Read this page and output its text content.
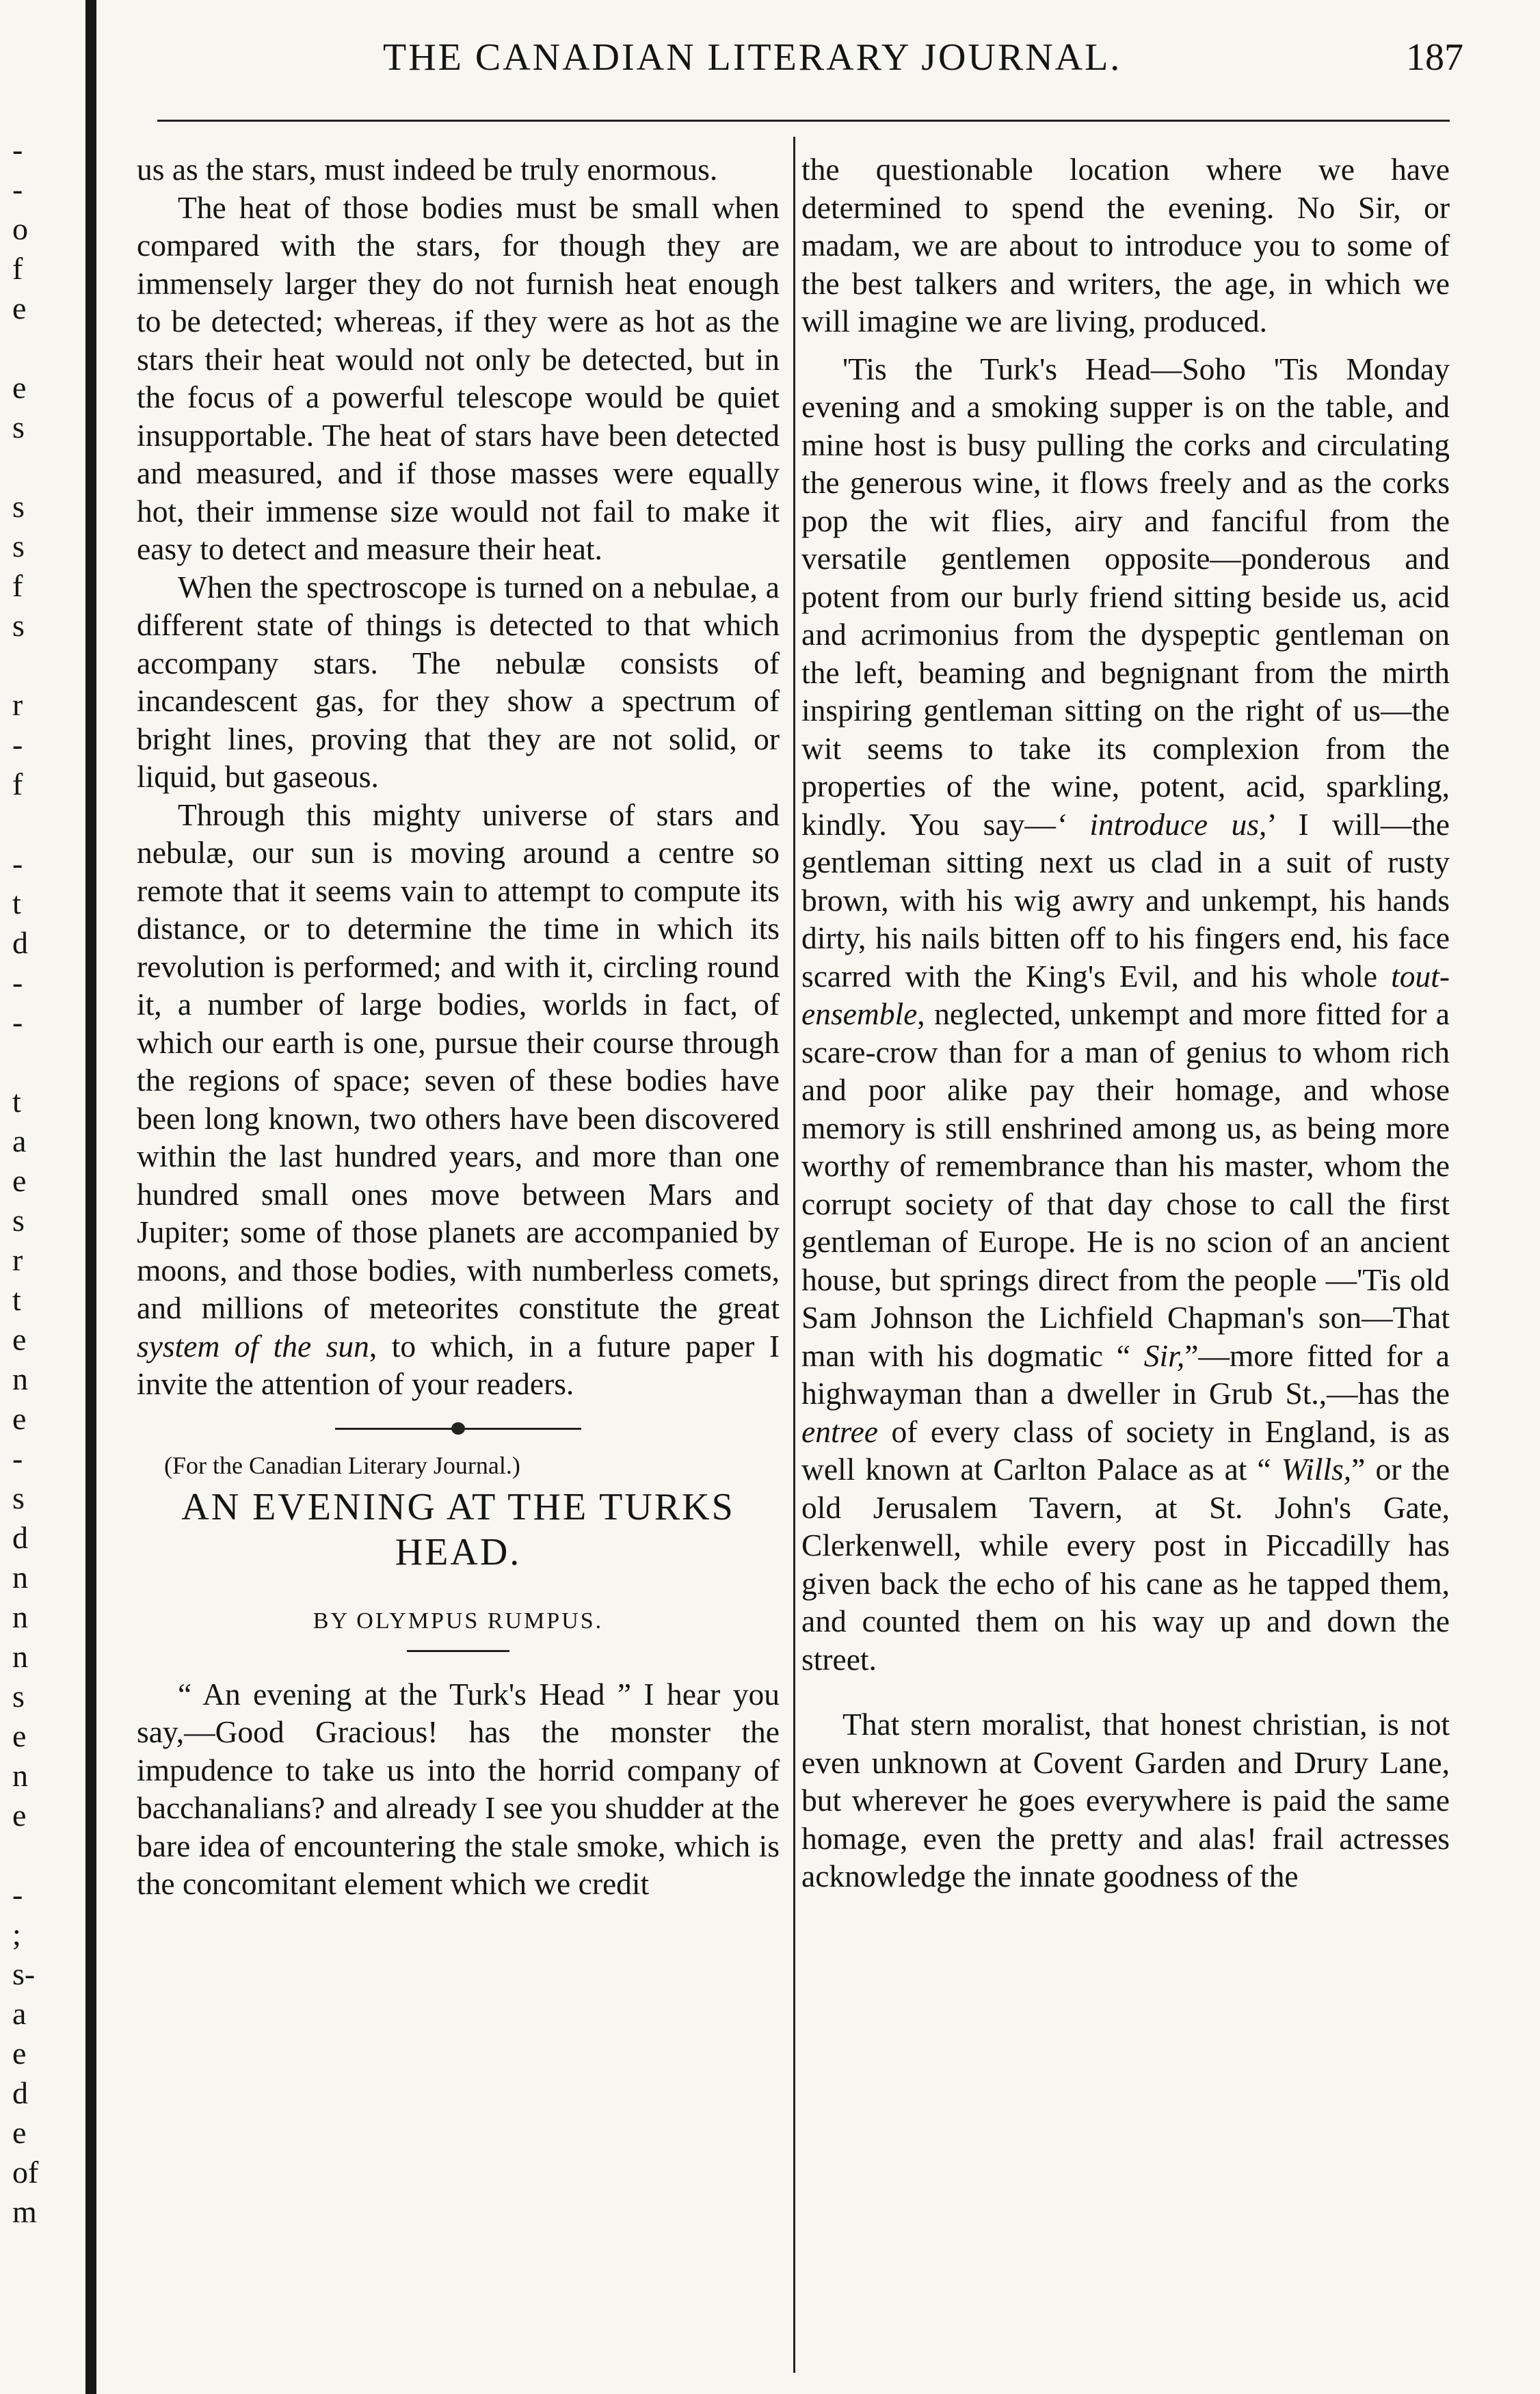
-
-
o
f
e
e
s
s
s
f
s
r
-
f
-
t
d
-
-
t
a
e
s
r
t
e
n
e
-
s
d
n
n
n
s
e
n
e
-
;
s-
a
e
d
e
of
m
THE CANADIAN LITERARY JOURNAL.	187

us as the stars, must indeed be truly enormous.

The heat of those bodies must be small when compared with the stars, for though they are immensely larger they do not furnish heat enough to be detected; whereas, if they were as hot as the stars their heat would not only be detected, but in the focus of a powerful telescope would be quiet insupportable. The heat of stars have been detected and measured, and if those masses were equally hot, their immense size would not fail to make it easy to detect and measure their heat.

When the spectroscope is turned on a nebulae, a different state of things is detected to that which accompany stars. The nebulæ consists of incandescent gas, for they show a spectrum of bright lines, proving that they are not solid, or liquid, but gaseous.

Through this mighty universe of stars and nebulæ, our sun is moving around a centre so remote that it seems vain to attempt to compute its distance, or to determine the time in which its revolution is performed; and with it, circling round it, a number of large bodies, worlds in fact, of which our earth is one, pursue their course through the regions of space; seven of these bodies have been long known, two others have been discovered within the last hundred years, and more than one hundred small ones move between Mars and Jupiter; some of those planets are accompanied by moons, and those bodies, with numberless comets, and millions of meteorites constitute the great system of the sun, to which, in a future paper I invite the attention of your readers.

(For the Canadian Literary Journal.)

AN EVENING AT THE TURKS
HEAD.

BY OLYMPUS RUMPUS.

“ An evening at the Turk's Head ” I hear you say,—Good Gracious! has the monster the impudence to take us into the horrid company of bacchanalians? and already I see you shudder at the bare idea of encountering the stale smoke, which is the concomitant element which we credit

the questionable location where we have determined to spend the evening. No Sir, or madam, we are about to introduce you to some of the best talkers and writers, the age, in which we will imagine we are living, produced.

'Tis the Turk's Head—Soho 'Tis Monday evening and a smoking supper is on the table, and mine host is busy pulling the corks and circulating the generous wine, it flows freely and as the corks pop the wit flies, airy and fanciful from the versatile gentlemen opposite—ponderous and potent from our burly friend sitting beside us, acid and acrimonius from the dyspeptic gentleman on the left, beaming and begnignant from the mirth inspiring gentleman sitting on the right of us—the wit seems to take its complexion from the properties of the wine, potent, acid, sparkling, kindly. You say—‘ introduce us,’ I will—the gentleman sitting next us clad in a suit of rusty brown, with his wig awry and unkempt, his hands dirty, his nails bitten off to his fingers end, his face scarred with the King's Evil, and his whole tout-ensemble, neglected, unkempt and more fitted for a scare-crow than for a man of genius to whom rich and poor alike pay their homage, and whose memory is still enshrined among us, as being more worthy of remembrance than his master, whom the corrupt society of that day chose to call the first gentleman of Europe. He is no scion of an ancient house, but springs direct from the people —'Tis old Sam Johnson the Lichfield Chapman's son—That man with his dogmatic “ Sir,”—more fitted for a highwayman than a dweller in Grub St.,—has the entree of every class of society in England, is as well known at Carlton Palace as at “ Wills,” or the old Jerusalem Tavern, at St. John's Gate, Clerkenwell, while every post in Piccadilly has given back the echo of his cane as he tapped them, and counted them on his way up and down the street.

That stern moralist, that honest christian, is not even unknown at Covent Garden and Drury Lane, but wherever he goes everywhere is paid the same homage, even the pretty and alas! frail actresses acknowledge the innate goodness of the
